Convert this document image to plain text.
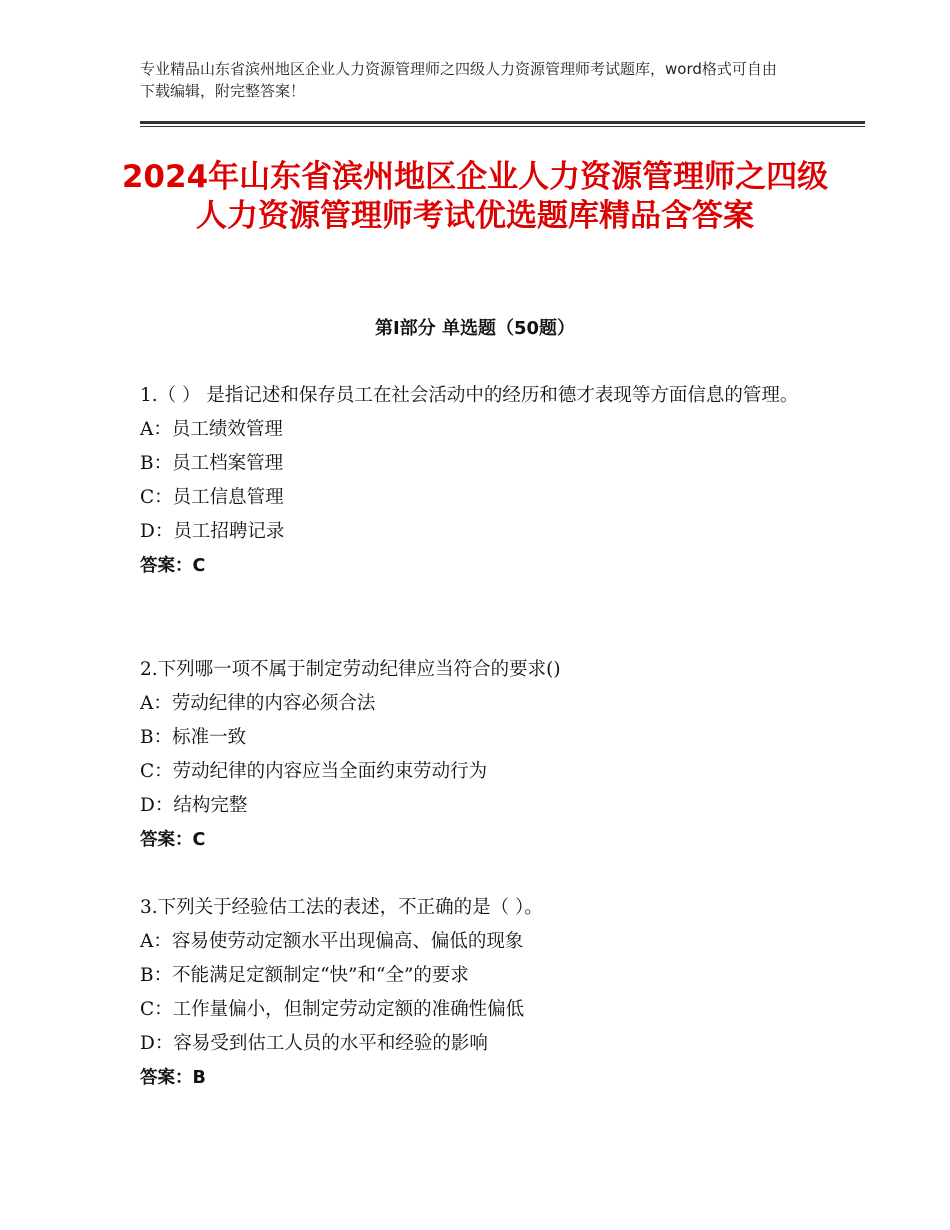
专业精品山东省滨州地区企业人力资源管理师之四级人力资源管理师考试题库，word格式可自由下载编辑，附完整答案！
2024年山东省滨州地区企业人力资源管理师之四级人力资源管理师考试优选题库精品含答案
第Ⅰ部分 单选题（50题）
1.（ ） 是指记述和保存员工在社会活动中的经历和德才表现等方面信息的管理。
A：员工绩效管理
B：员工档案管理
C：员工信息管理
D：员工招聘记录
答案：C
2.下列哪一项不属于制定劳动纪律应当符合的要求()
A：劳动纪律的内容必须合法
B：标准一致
C：劳动纪律的内容应当全面约束劳动行为
D：结构完整
答案：C
3.下列关于经验估工法的表述，不正确的是（ ）。
A：容易使劳动定额水平出现偏高、偏低的现象
B：不能满足定额制定“快”和“全”的要求
C：工作量偏小，但制定劳动定额的准确性偏低
D：容易受到估工人员的水平和经验的影响
答案：B
